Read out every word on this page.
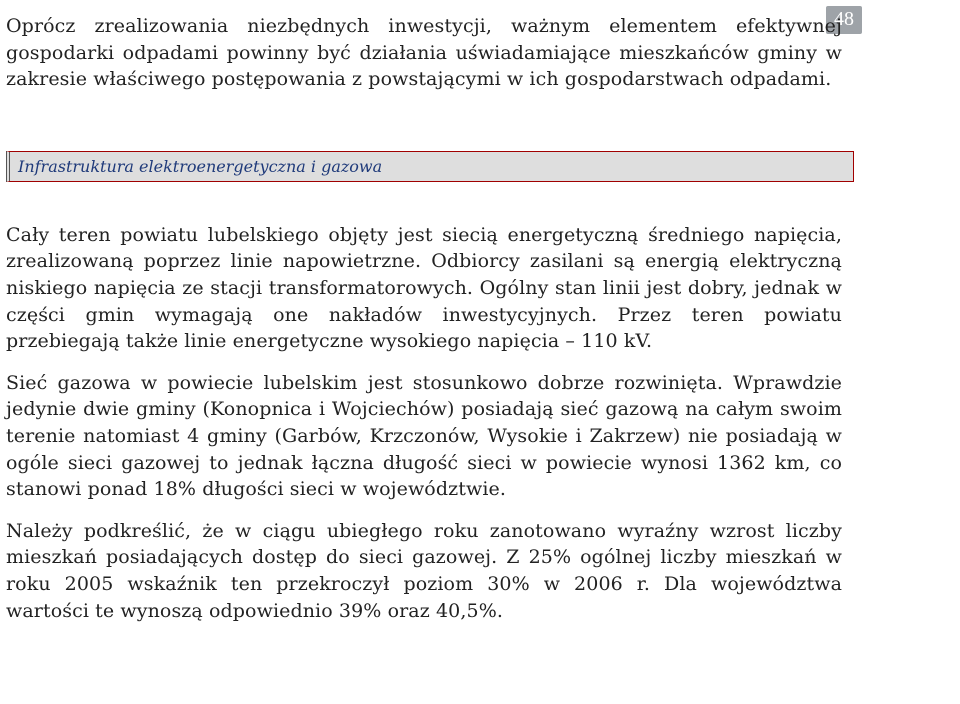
48

Oprócz zrealizowania niezbędnych inwestycji, ważnym elementem efektywnej gospodarki odpadami powinny być działania uświadamiające mieszkańców gminy w zakresie właściwego postępowania z powstającymi w ich gospodarstwach odpadami.

Infrastruktura elektroenergetyczna i gazowa

Cały teren powiatu lubelskiego objęty jest siecią energetyczną średniego napięcia, zrealizowaną poprzez linie napowietrzne. Odbiorcy zasilani są energią elektryczną niskiego napięcia ze stacji transformatorowych. Ogólny stan linii jest dobry, jednak w części gmin wymagają one nakładów inwestycyjnych. Przez teren powiatu przebiegają także linie energetyczne wysokiego napięcia – 110 kV.

Sieć gazowa w powiecie lubelskim jest stosunkowo dobrze rozwinięta. Wprawdzie jedynie dwie gminy (Konopnica i Wojciechów) posiadają sieć gazową na całym swoim terenie natomiast 4 gminy (Garbów, Krzczonów, Wysokie i Zakrzew) nie posiadają w ogóle sieci gazowej to jednak łączna długość sieci w powiecie wynosi 1362 km, co stanowi ponad 18% długości sieci w województwie.

Należy podkreślić, że w ciągu ubiegłego roku zanotowano wyraźny wzrost liczby mieszkań posiadających dostęp do sieci gazowej. Z 25% ogólnej liczby mieszkań w roku 2005 wskaźnik ten przekroczył poziom 30% w 2006 r. Dla województwa wartości te wynoszą odpowiednio 39% oraz 40,5%.
